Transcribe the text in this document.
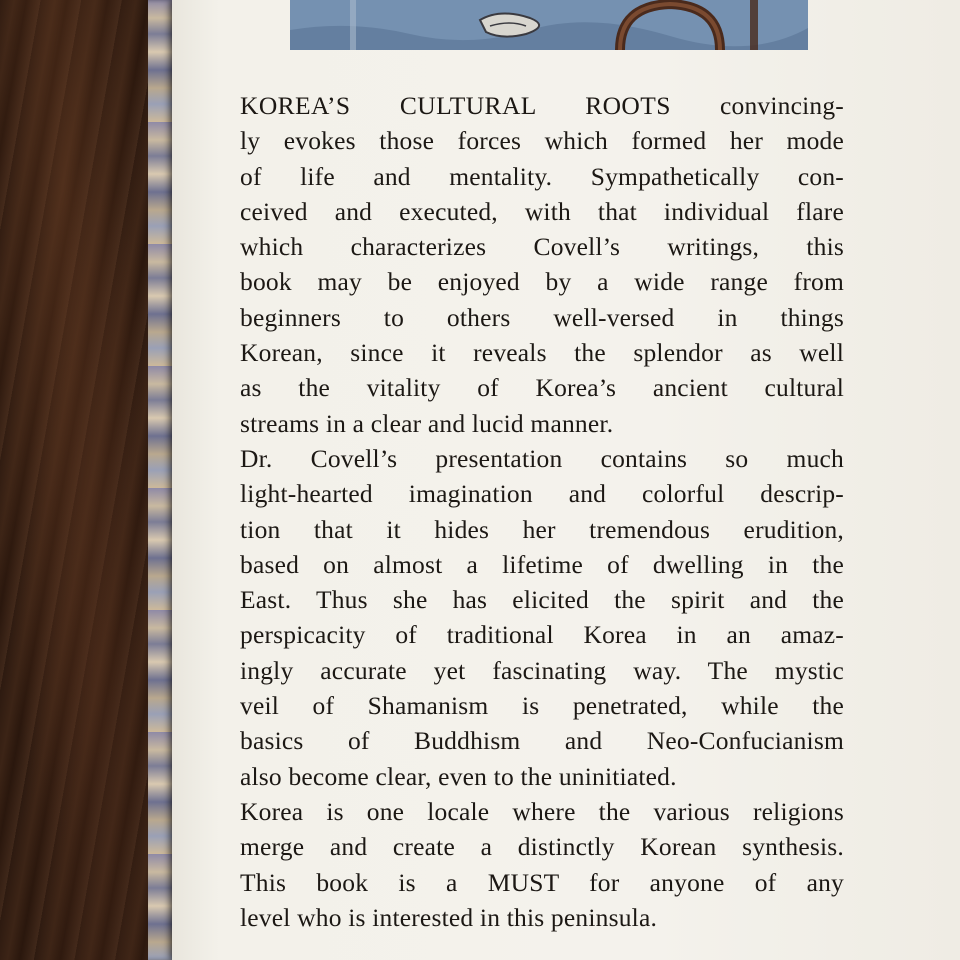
KOREA’S CULTURAL ROOTS convincing-
ly evokes those forces which formed her mode
of life and mentality. Sympathetically con-
ceived and executed, with that individual flare
which characterizes Covell’s writings, this
book may be enjoyed by a wide range from
beginners to others well-versed in things
Korean, since it reveals the splendor as well
as the vitality of Korea’s ancient cultural
streams in a clear and lucid manner.
Dr. Covell’s presentation contains so much
light-hearted imagination and colorful descrip-
tion that it hides her tremendous erudition,
based on almost a lifetime of dwelling in the
East. Thus she has elicited the spirit and the
perspicacity of traditional Korea in an amaz-
ingly accurate yet fascinating way. The mystic
veil of Shamanism is penetrated, while the
basics of Buddhism and Neo-Confucianism
also become clear, even to the uninitiated.
Korea is one locale where the various religions
merge and create a distinctly Korean synthesis.
This book is a MUST for anyone of any
level who is interested in this peninsula.
